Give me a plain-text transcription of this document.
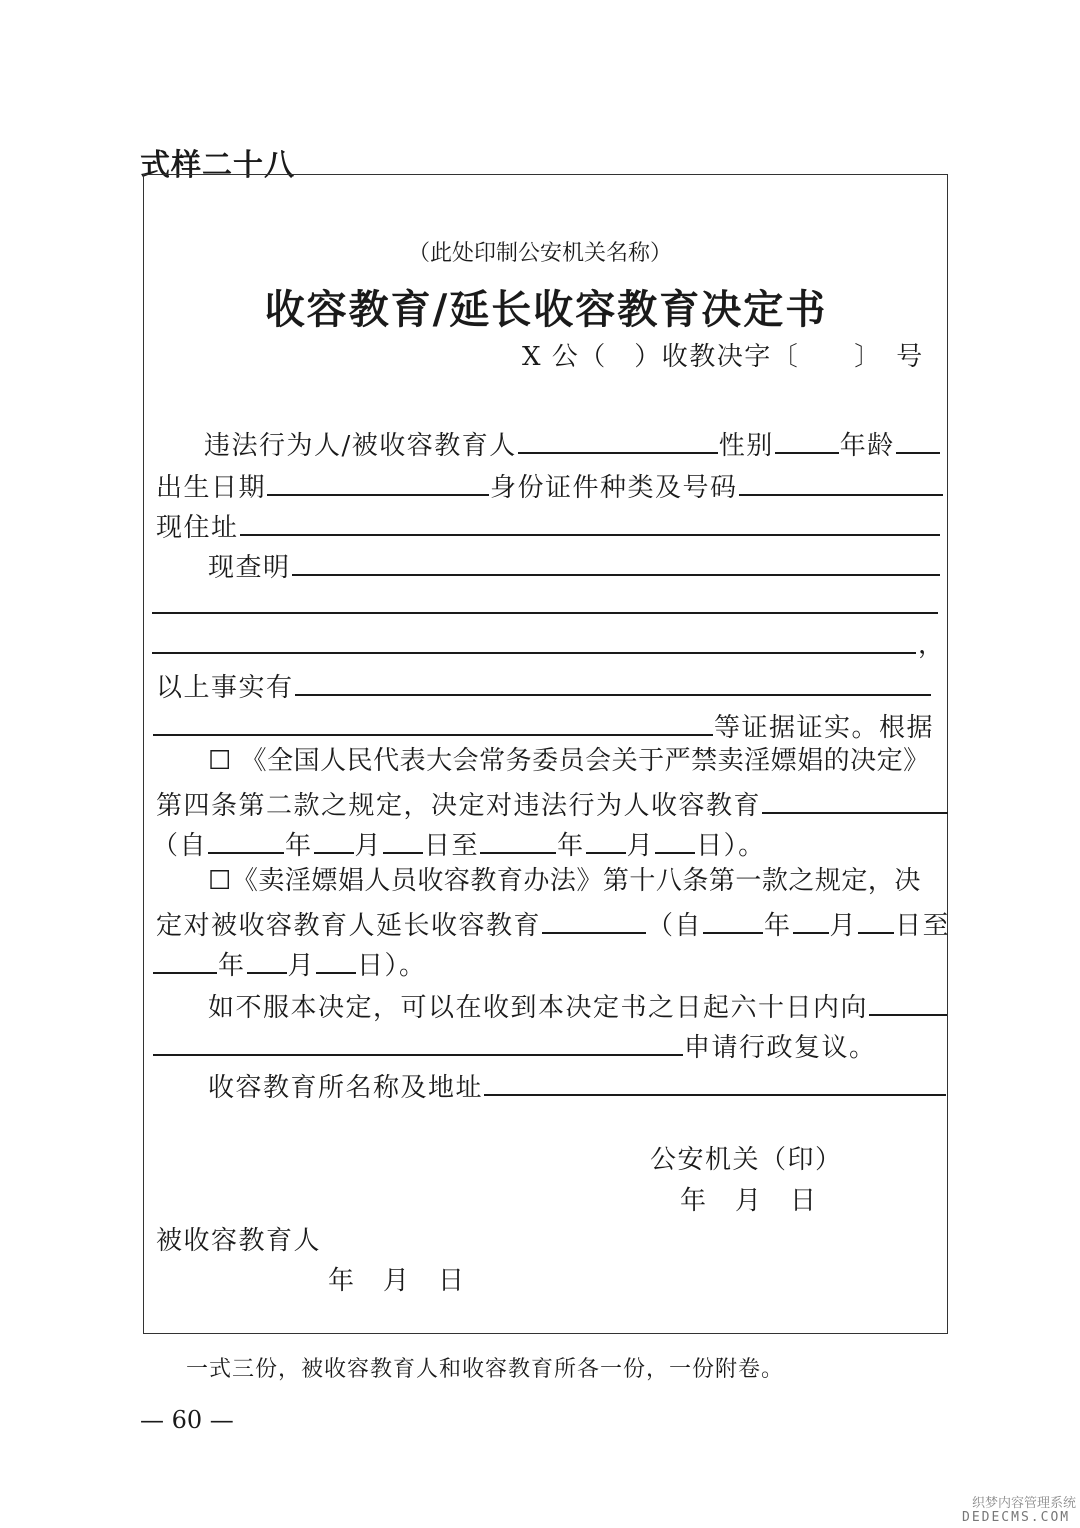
式样二十八
（此处印制公安机关名称）
收容教育/延长收容教育决定书
X 公（　）收教决字〔　　〕　号
违法行为人/被收容教育人	性别	年龄
出生日期	身份证件种类及号码
现住址
现查明
，
以上事实有
等证据证实。根据
☐ 《全国人民代表大会常务委员会关于严禁卖淫嫖娼的决定》
第四条第二款之规定，决定对违法行为人收容教育
（自	年 月 日至	年 月 日）。
☐《卖淫嫖娼人员收容教育办法》第十八条第一款之规定，决
定对被收容教育人延长收容教育	（自 年 月 日至
年 月 日）。
如不服本决定，可以在收到本决定书之日起六十日内向
申请行政复议。
收容教育所名称及地址
公安机关（印）
年　月　日
被收容教育人
年　月　日
一式三份，被收容教育人和收容教育所各一份，一份附卷。
— 60 —
织梦内容管理系统
DEDECMS.COM
